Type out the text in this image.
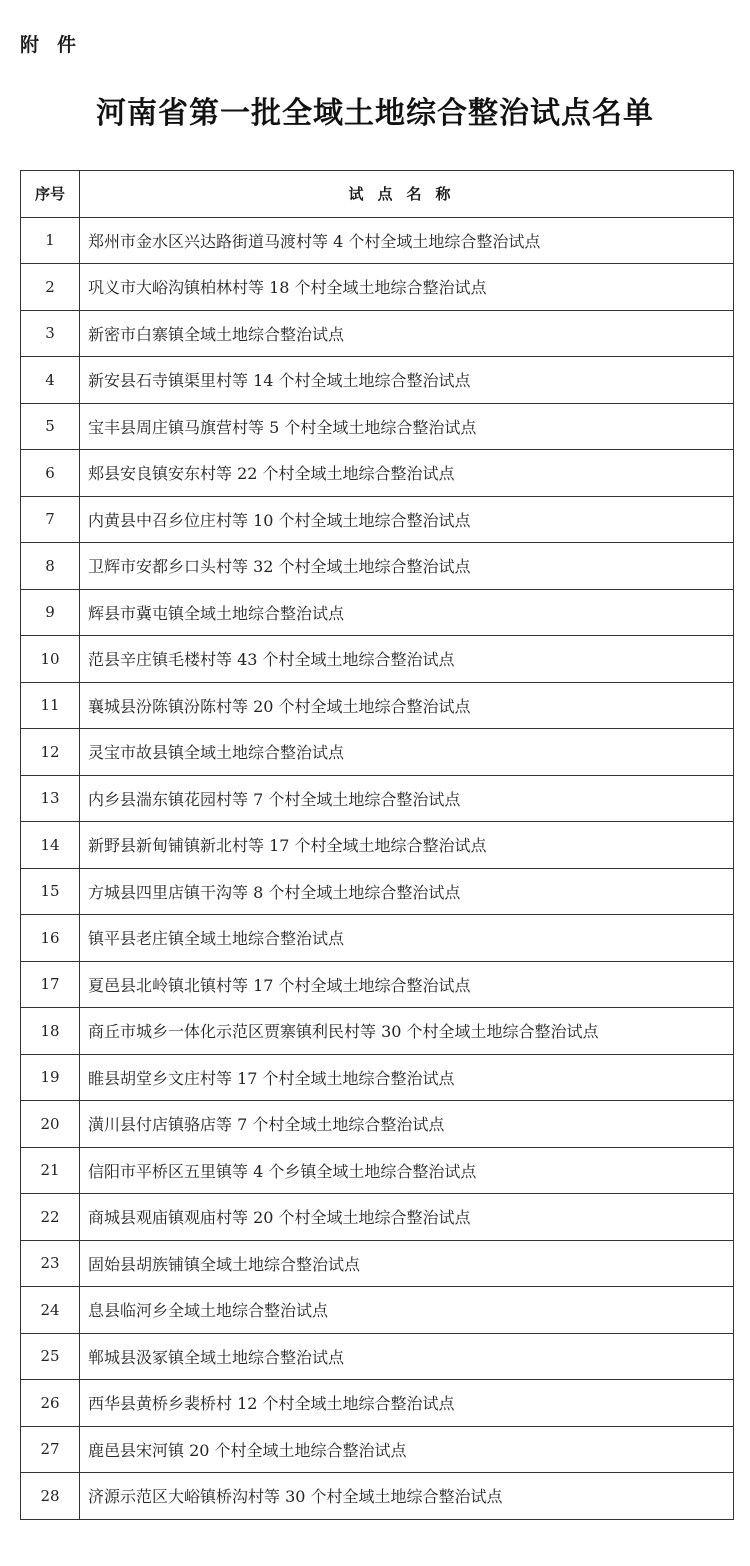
附件
河南省第一批全域土地综合整治试点名单
序号	试点名称
1	郑州市金水区兴达路街道马渡村等 4 个村全域土地综合整治试点
2	巩义市大峪沟镇柏林村等 18 个村全域土地综合整治试点
3	新密市白寨镇全域土地综合整治试点
4	新安县石寺镇渠里村等 14 个村全域土地综合整治试点
5	宝丰县周庄镇马旗营村等 5 个村全域土地综合整治试点
6	郏县安良镇安东村等 22 个村全域土地综合整治试点
7	内黄县中召乡位庄村等 10 个村全域土地综合整治试点
8	卫辉市安都乡口头村等 32 个村全域土地综合整治试点
9	辉县市冀屯镇全域土地综合整治试点
10	范县辛庄镇毛楼村等 43 个村全域土地综合整治试点
11	襄城县汾陈镇汾陈村等 20 个村全域土地综合整治试点
12	灵宝市故县镇全域土地综合整治试点
13	内乡县湍东镇花园村等 7 个村全域土地综合整治试点
14	新野县新甸铺镇新北村等 17 个村全域土地综合整治试点
15	方城县四里店镇干沟等 8 个村全域土地综合整治试点
16	镇平县老庄镇全域土地综合整治试点
17	夏邑县北岭镇北镇村等 17 个村全域土地综合整治试点
18	商丘市城乡一体化示范区贾寨镇利民村等 30 个村全域土地综合整治试点
19	睢县胡堂乡文庄村等 17 个村全域土地综合整治试点
20	潢川县付店镇骆店等 7 个村全域土地综合整治试点
21	信阳市平桥区五里镇等 4 个乡镇全域土地综合整治试点
22	商城县观庙镇观庙村等 20 个村全域土地综合整治试点
23	固始县胡族铺镇全域土地综合整治试点
24	息县临河乡全域土地综合整治试点
25	郸城县汲冢镇全域土地综合整治试点
26	西华县黄桥乡裴桥村 12 个村全域土地综合整治试点
27	鹿邑县宋河镇 20 个村全域土地综合整治试点
28	济源示范区大峪镇桥沟村等 30 个村全域土地综合整治试点
